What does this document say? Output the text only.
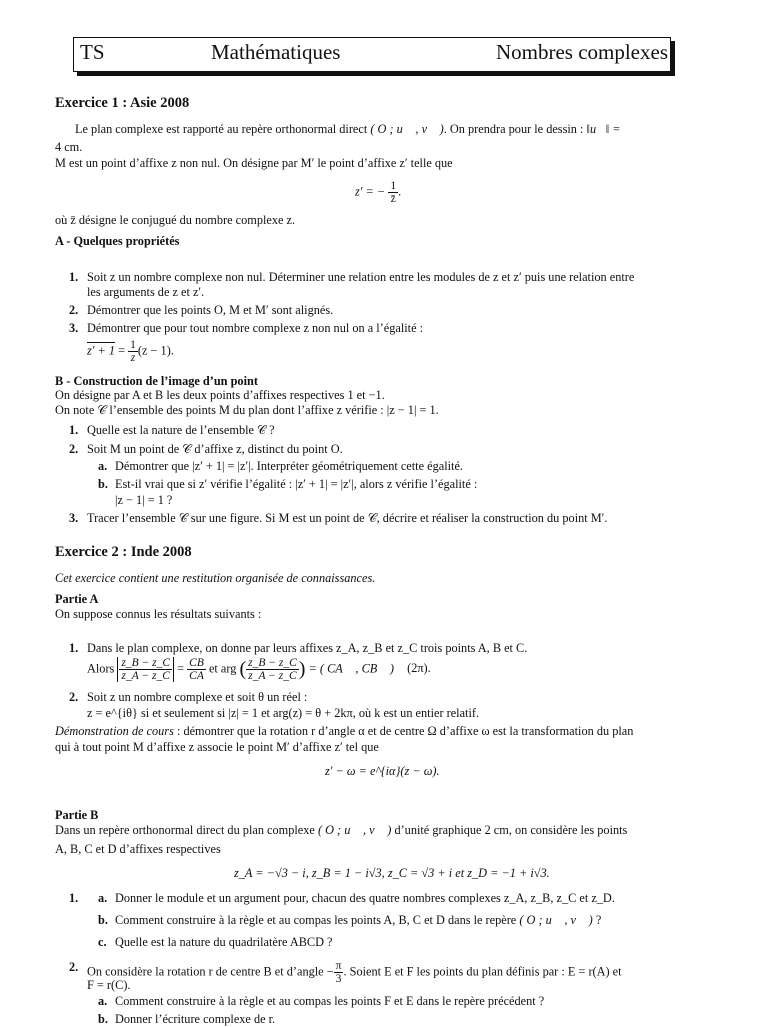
TS	Mathématiques	Nombres complexes
Exercice 1 : Asie 2008
Le plan complexe est rapporté au repère orthonormal direct ( O ; u⃗ , v⃗ ). On prendra pour le dessin : ‖u⃗‖ =
4 cm.
M est un point d’affixe z non nul. On désigne par M′ le point d’affixe z′ telle que
z′ = − $\frac{1}{z̄}$ .
où z̄ désigne le conjugué du nombre complexe z.
A - Quelques propriétés
1. Soit z un nombre complexe non nul. Déterminer une relation entre les modules de z et z′ puis une relation entre
les arguments de z et z′.
2. Démontrer que les points O, M et M′ sont alignés.
3. Démontrer que pour tout nombre complexe z non nul on a l’égalité :
$z' + 1 = \frac{1}{z} (z - 1)$.
B - Construction de l’image d’un point
On désigne par A et B les deux points d’affixes respectives 1 et −1.
On note 𝒞 l’ensemble des points M du plan dont l’affixe z vérifie : |z − 1| = 1.
1. Quelle est la nature de l’ensemble 𝒞 ?
2. Soit M un point de 𝒞 d’affixe z, distinct du point O.
a. Démontrer que |z′ + 1| = |z′|. Interpréter géométriquement cette égalité.
b. Est-il vrai que si z′ vérifie l’égalité : |z′ + 1| = |z′|, alors z vérifie l’égalité :
|z − 1| = 1 ?
3. Tracer l’ensemble 𝒞 sur une figure. Si M est un point de 𝒞, décrire et réaliser la construction du point M′.
Exercice 2 : Inde 2008
Cet exercice contient une restitution organisée de connaissances.
Partie A
On suppose connus les résultats suivants :
1. Dans le plan complexe, on donne par leurs affixes z_A, z_B et z_C trois points A, B et C.
Alors $\frac{z\_B - z\_C}{z\_A - z\_C} = \frac{CB}{CA}$ et arg ( $\frac{z\_B - z\_C}{z\_A - z\_C}$ ) = ( CA⃗ , CB⃗ ) (2π).
2. Soit z un nombre complexe et soit θ un réel :
z = e^{iθ} si et seulement si |z| = 1 et arg(z) = θ + 2kπ, où k est un entier relatif.
Démonstration de cours : démontrer que la rotation r d’angle α et de centre Ω d’affixe ω est la transformation du plan
qui à tout point M d’affixe z associe le point M′ d’affixe z′ tel que
z′ − ω = e^{iα}(z − ω).
Partie B
Dans un repère orthonormal direct du plan complexe ( O ; u⃗ , v⃗ ) d’unité graphique 2 cm, on considère les points
A, B, C et D d’affixes respectives
z_A = −√3 − i, z_B = 1 − i√3, z_C = √3 + i et z_D = −1 + i√3.
1. a. Donner le module et un argument pour, chacun des quatre nombres complexes z_A, z_B, z_C et z_D.
b. Comment construire à la règle et au compas les points A, B, C et D dans le repère ( O ; u⃗ , v⃗ ) ?
c. Quelle est la nature du quadrilatère ABCD ?
2. On considère la rotation r de centre B et d’angle − $\frac{\pi}{3}$ . Soient E et F les points du plan définis par : E = r(A) et
F = r(C).
a. Comment construire à la règle et au compas les points F et E dans le repère précédent ?
b. Donner l’écriture complexe de r.
